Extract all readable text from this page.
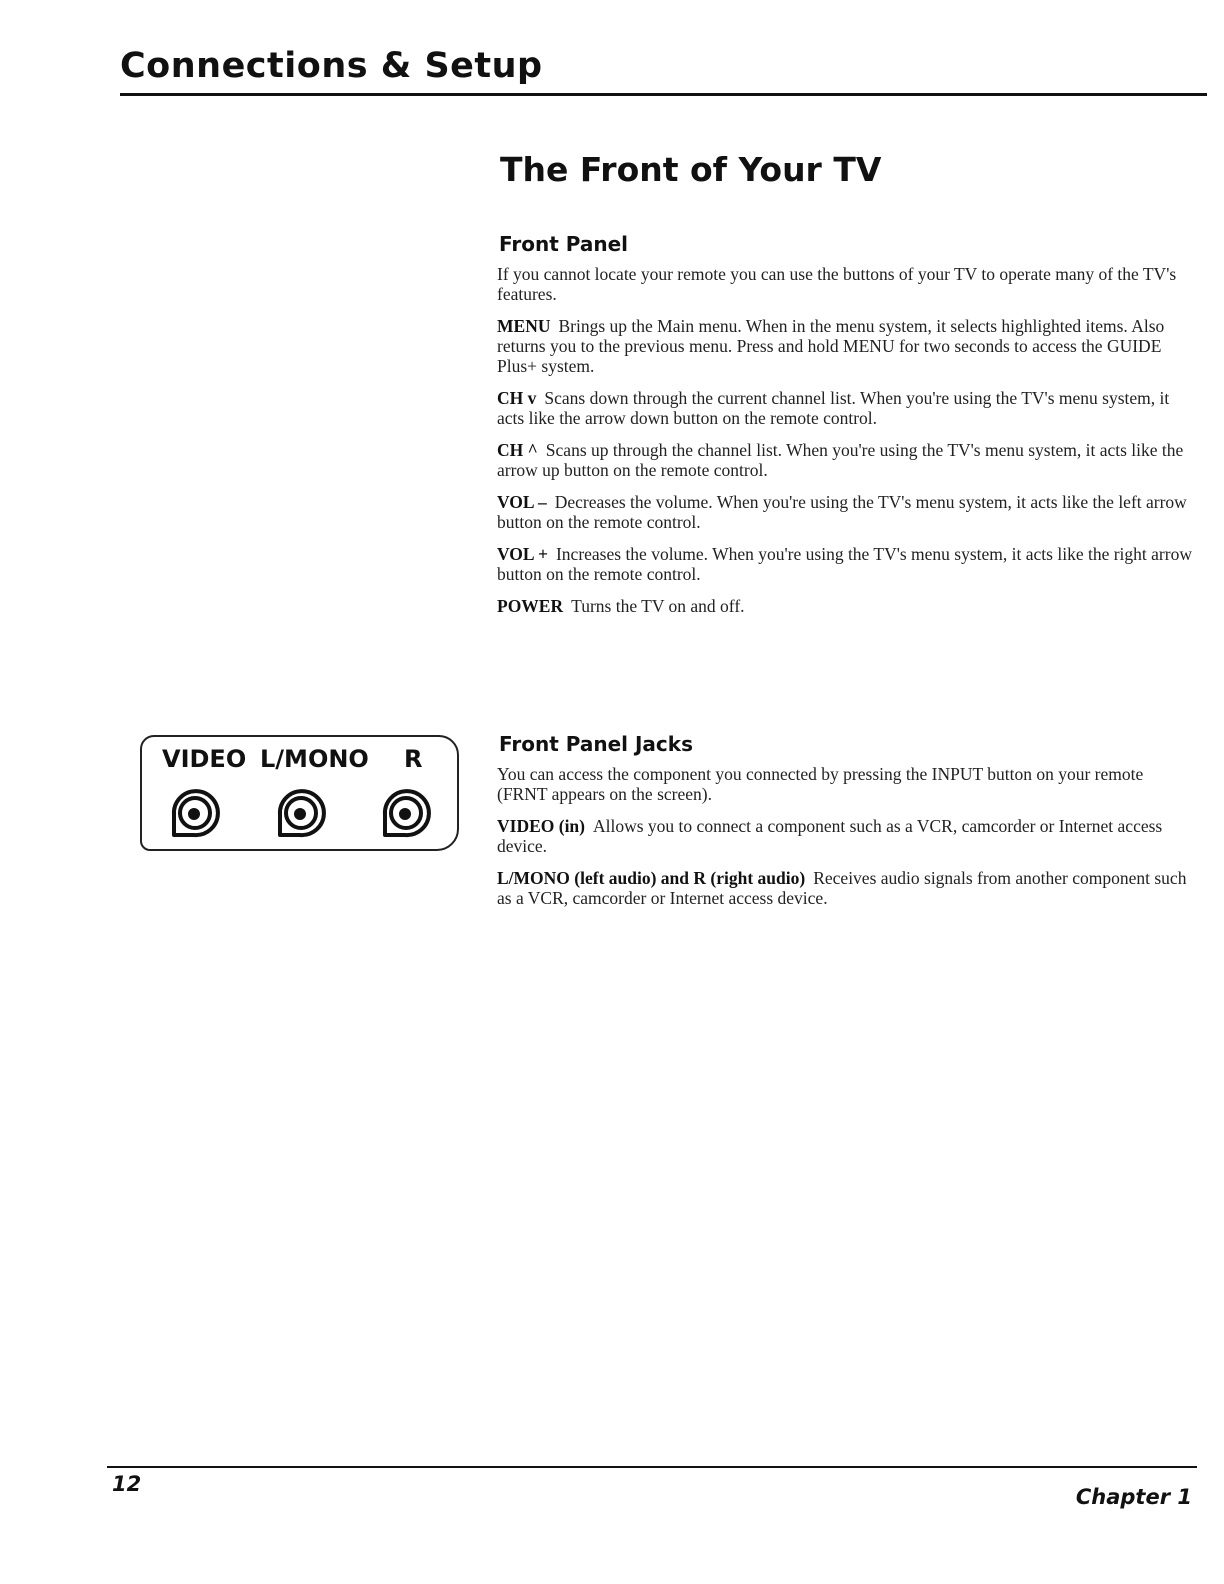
Connections & Setup
The Front of Your TV
Front Panel

If you cannot locate your remote you can use the buttons of your TV to operate many of the TV's features.

MENU Brings up the Main menu. When in the menu system, it selects highlighted items. Also returns you to the previous menu. Press and hold MENU for two seconds to access the GUIDE Plus+ system.

CH v Scans down through the current channel list. When you're using the TV's menu system, it acts like the arrow down button on the remote control.

CH ^ Scans up through the channel list. When you're using the TV's menu system, it acts like the arrow up button on the remote control.

VOL – Decreases the volume. When you're using the TV's menu system, it acts like the left arrow button on the remote control.

VOL + Increases the volume. When you're using the TV's menu system, it acts like the right arrow button on the remote control.

POWER Turns the TV on and off.

VIDEO L/MONO R
Front Panel Jacks

You can access the component you connected by pressing the INPUT button on your remote (FRNT appears on the screen).

VIDEO (in) Allows you to connect a component such as a VCR, camcorder or Internet access device.

L/MONO (left audio) and R (right audio) Receives audio signals from another component such as a VCR, camcorder or Internet access device.

12
Chapter 1
